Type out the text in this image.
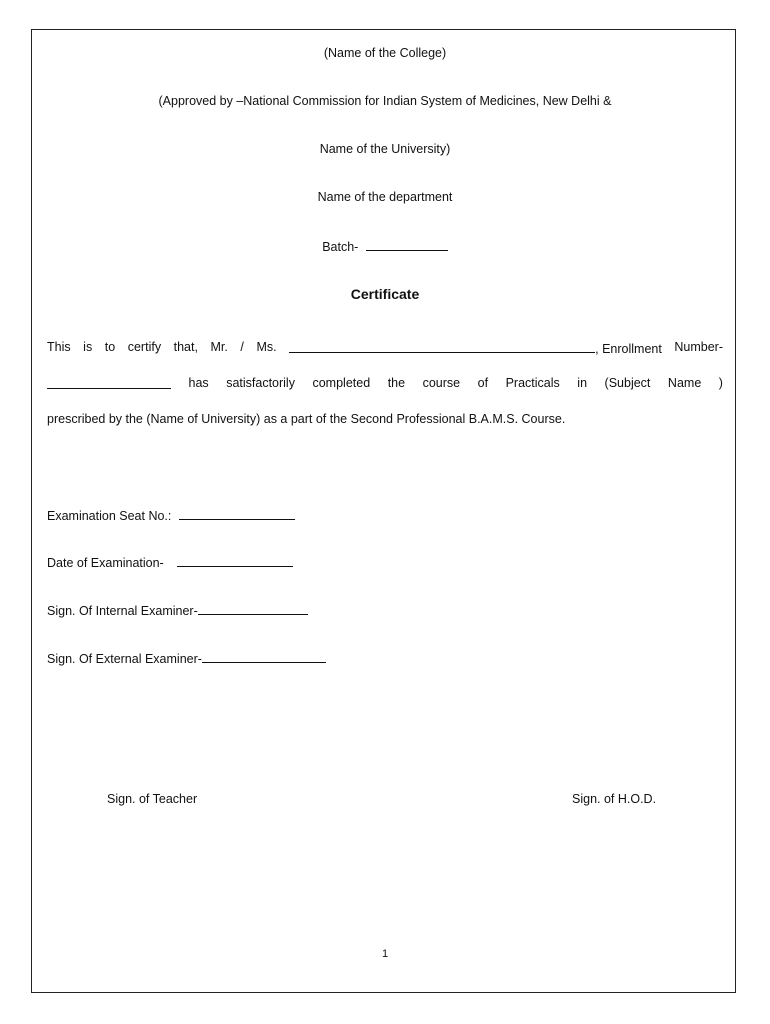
(Name of the College)
(Approved by –National Commission for Indian System of Medicines, New Delhi &
Name of the University)
Name of the department
Batch-
Certificate
This is to certify that, Mr. / Ms.	, Enrollment Number-
has satisfactorily completed the course of Practicals in (Subject Name )
prescribed by the (Name of University) as a part of the Second Professional B.A.M.S. Course.
Examination Seat No.:
Date of Examination-
Sign. Of Internal Examiner-
Sign. Of External Examiner-
Sign. of Teacher	Sign. of H.O.D.
1
